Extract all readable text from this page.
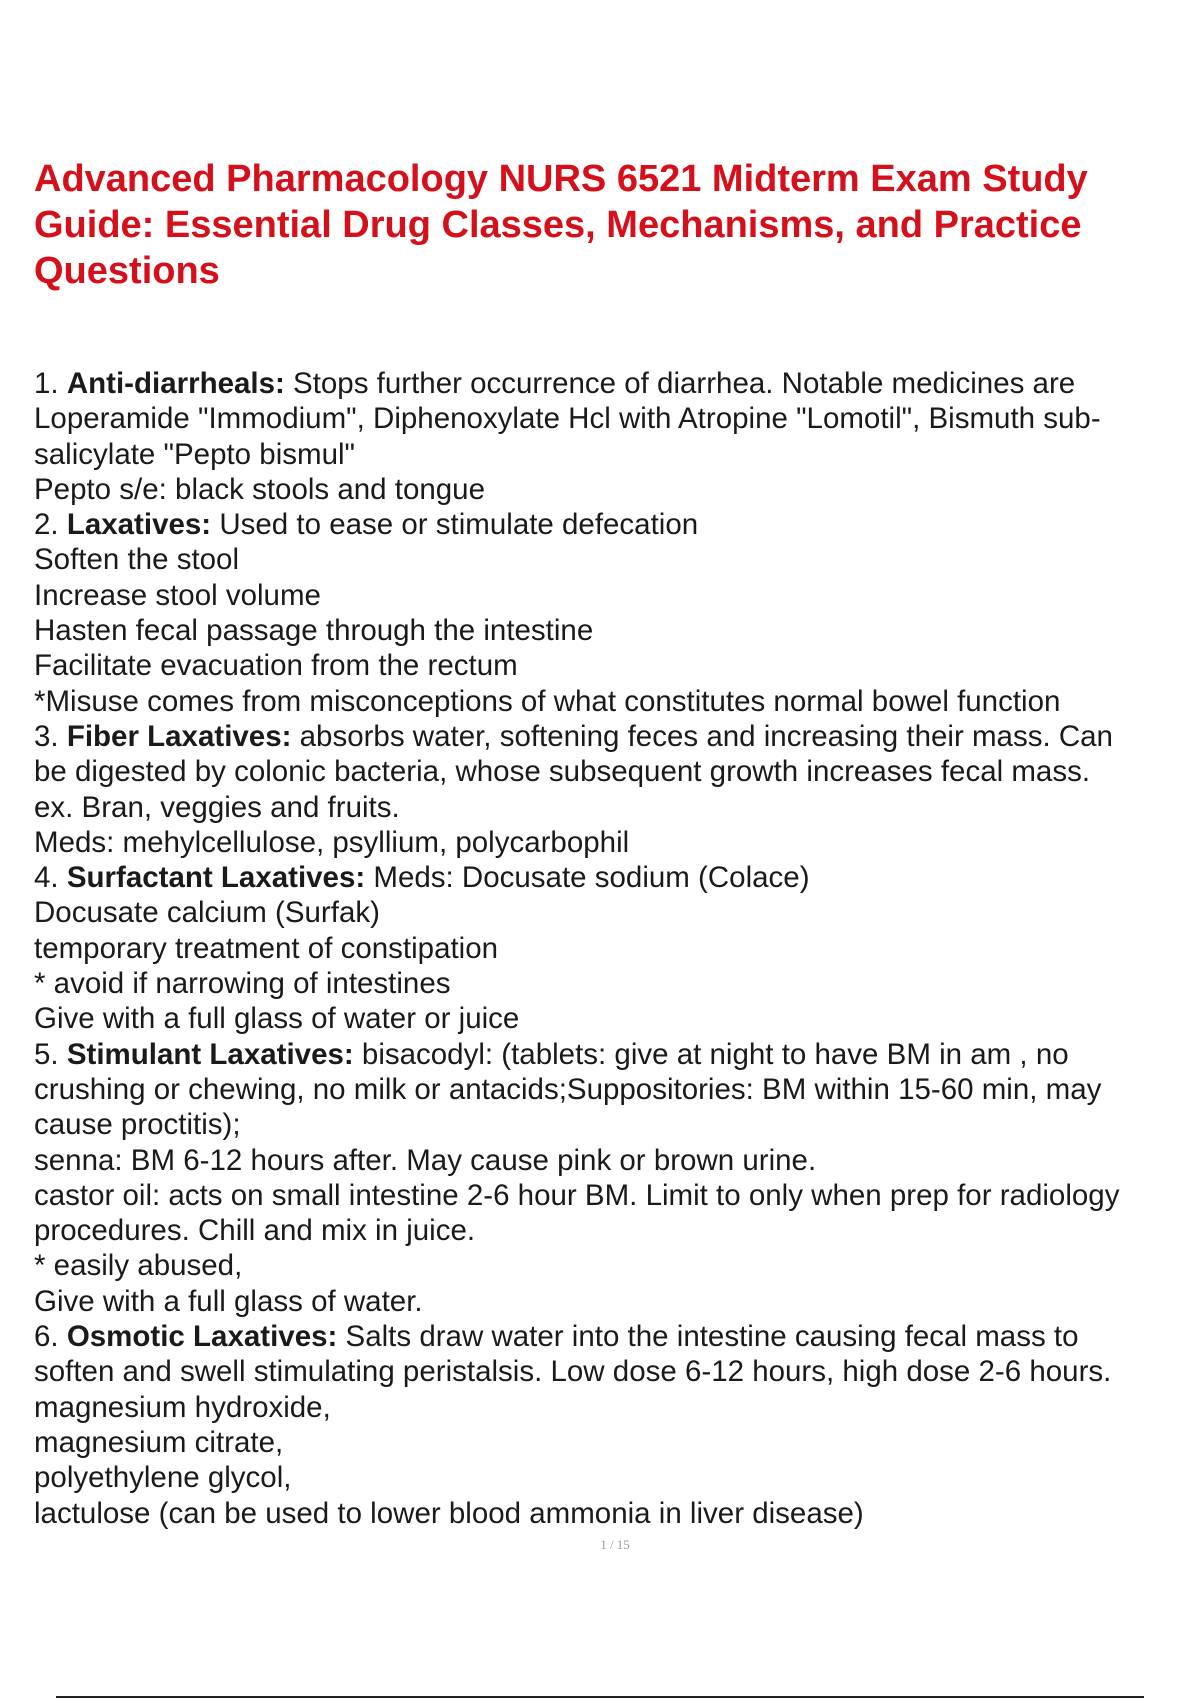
Advanced Pharmacology NURS 6521 Midterm Exam Study Guide: Essential Drug Classes, Mechanisms, and Practice Questions
1. Anti-diarrheals: Stops further occurrence of diarrhea. Notable medicines are
Loperamide "Immodium", Diphenoxylate Hcl with Atropine "Lomotil", Bismuth sub-
salicylate "Pepto bismul"
Pepto s/e: black stools and tongue
2. Laxatives: Used to ease or stimulate defecation
Soften the stool
Increase stool volume
Hasten fecal passage through the intestine
Facilitate evacuation from the rectum
*Misuse comes from misconceptions of what constitutes normal bowel function
3. Fiber Laxatives: absorbs water, softening feces and increasing their mass. Can
be digested by colonic bacteria, whose subsequent growth increases fecal mass.
ex. Bran, veggies and fruits.
Meds: mehylcellulose, psyllium, polycarbophil
4. Surfactant Laxatives: Meds: Docusate sodium (Colace)
Docusate calcium (Surfak)
temporary treatment of constipation
* avoid if narrowing of intestines
Give with a full glass of water or juice
5. Stimulant Laxatives: bisacodyl: (tablets: give at night to have BM in am , no
crushing or chewing, no milk or antacids;Suppositories: BM within 15-60 min, may
cause proctitis);
senna: BM 6-12 hours after. May cause pink or brown urine.
castor oil: acts on small intestine 2-6 hour BM. Limit to only when prep for radiology
procedures. Chill and mix in juice.
* easily abused,
Give with a full glass of water.
6. Osmotic Laxatives: Salts draw water into the intestine causing fecal mass to
soften and swell stimulating peristalsis. Low dose 6-12 hours, high dose 2-6 hours.
magnesium hydroxide,
magnesium citrate,
polyethylene glycol,
lactulose (can be used to lower blood ammonia in liver disease)
1 / 15
